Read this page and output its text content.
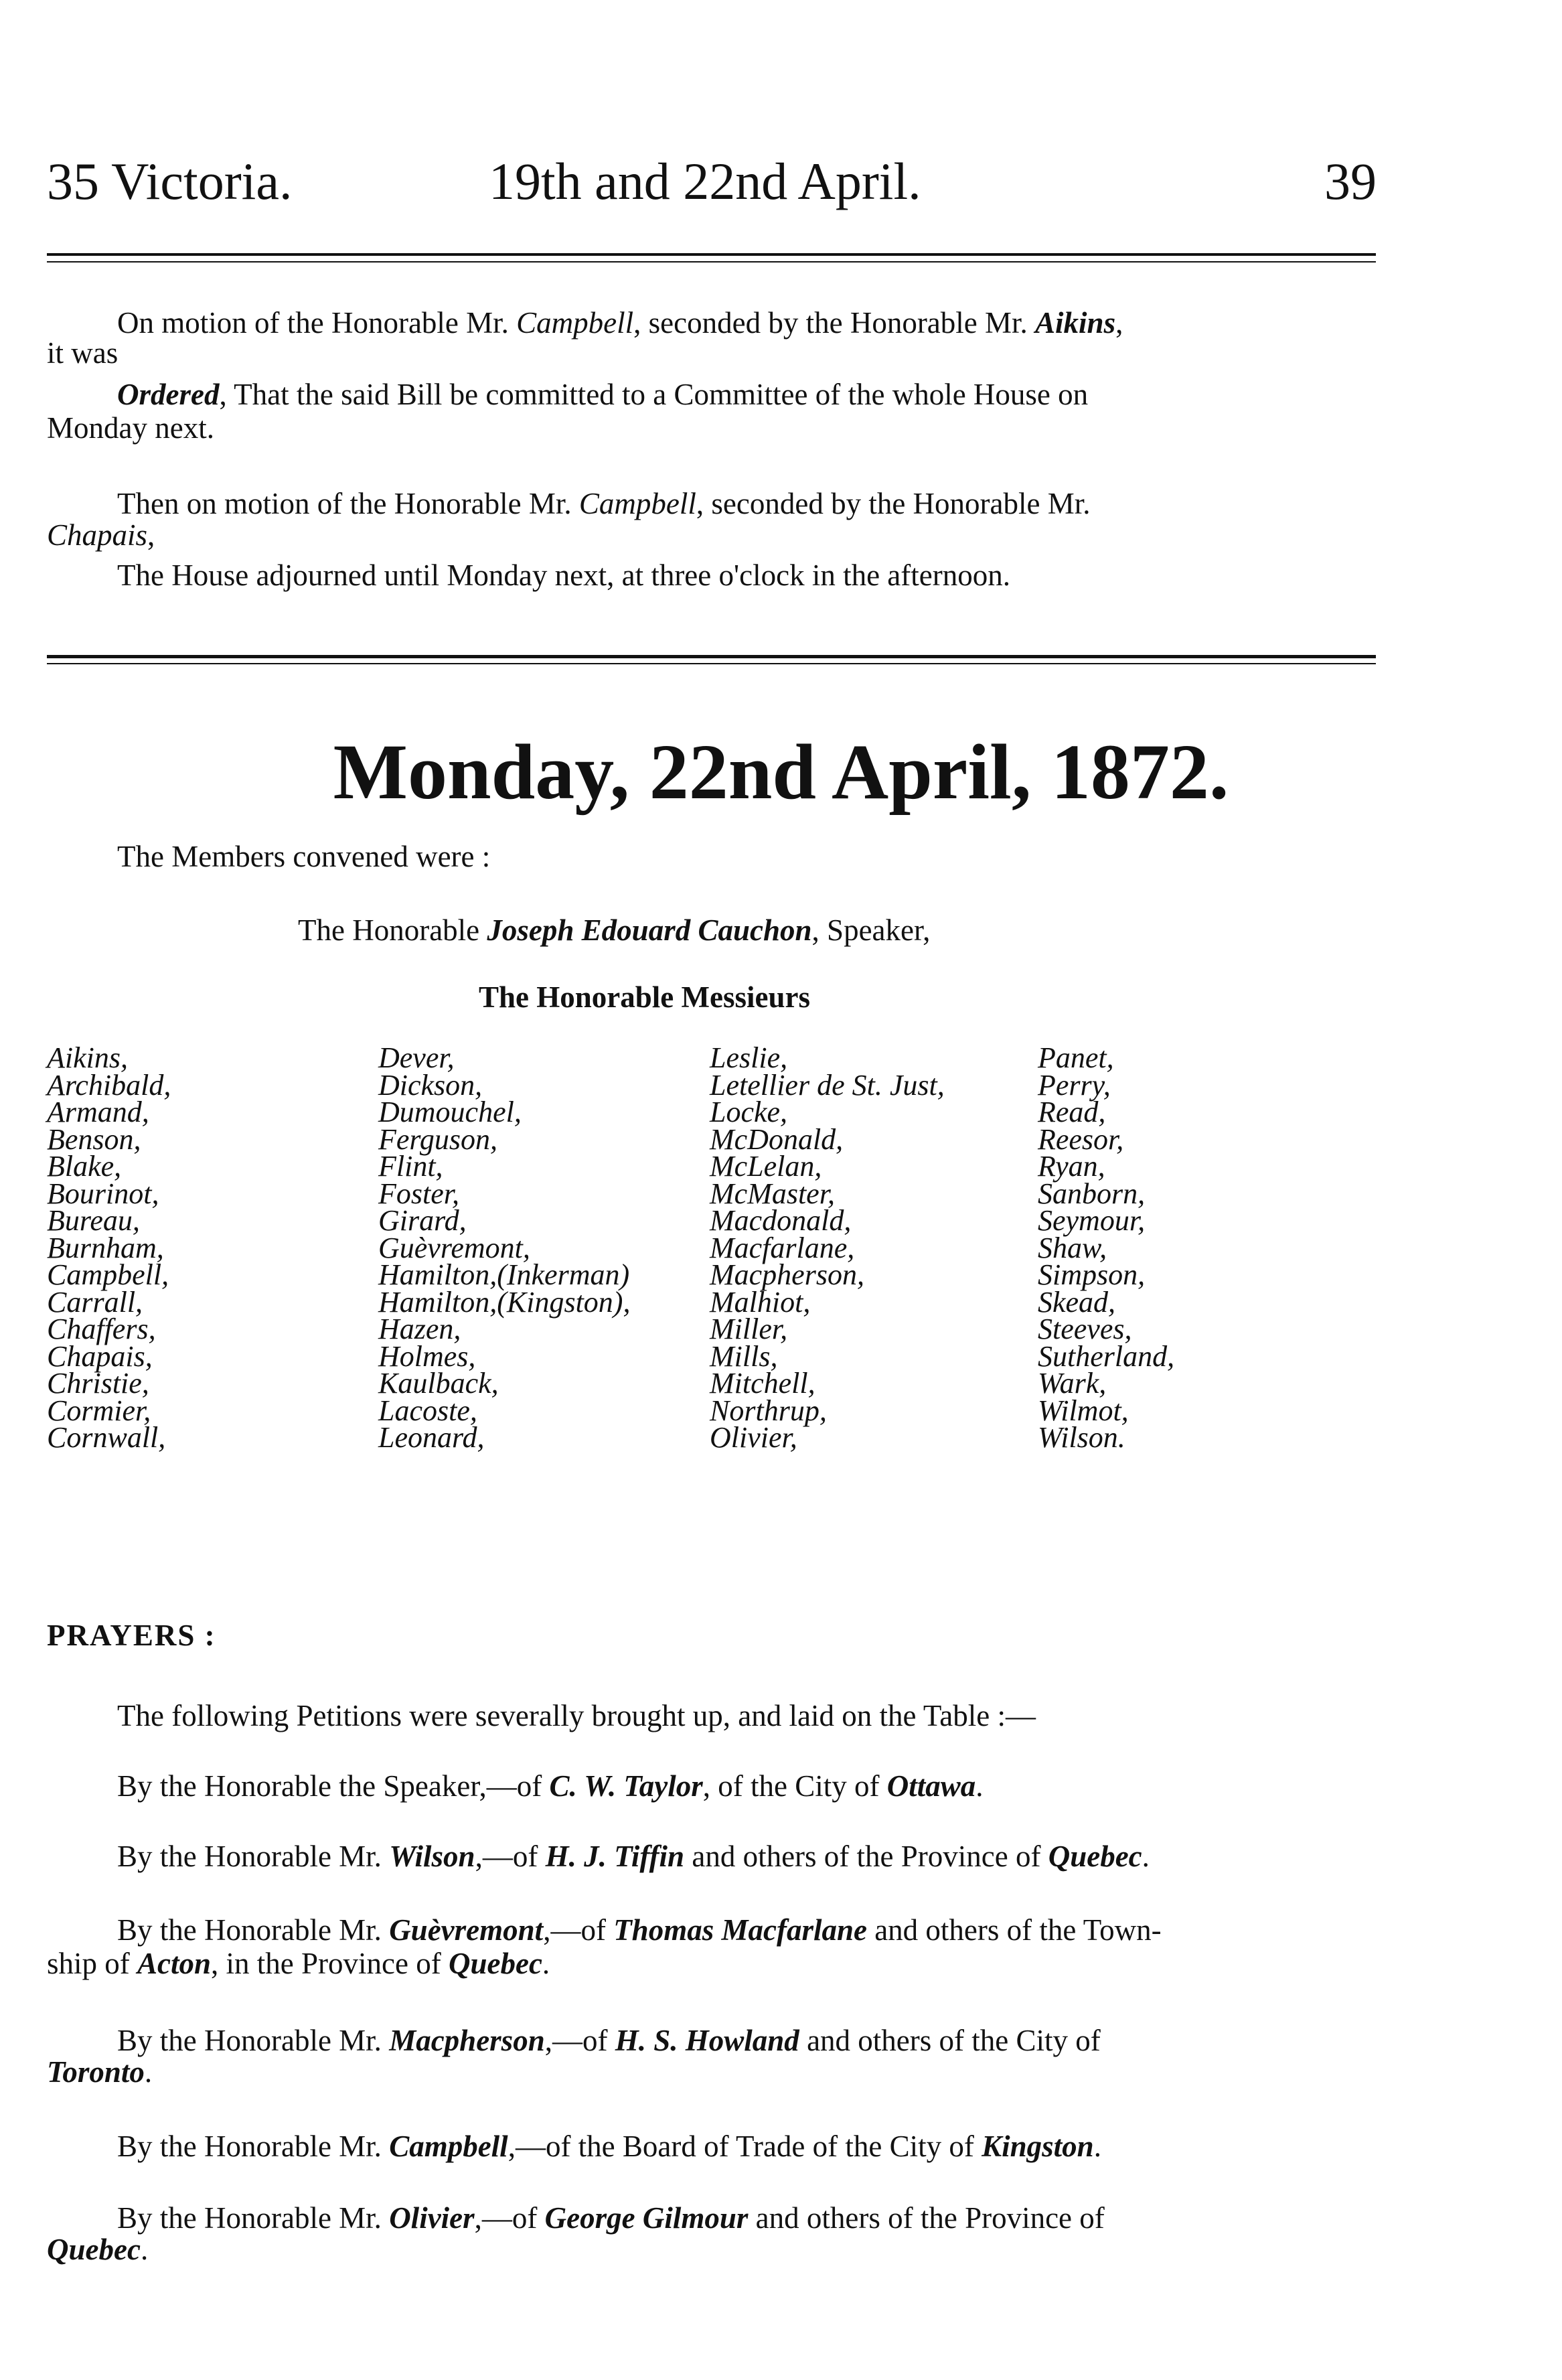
35 Victoria.	19th and 22nd April.	39
On motion of the Honorable Mr. Campbell, seconded by the Honorable Mr. Aikins,
it was
Ordered, That the said Bill be committed to a Committee of the whole House on
Monday next.
Then on motion of the Honorable Mr. Campbell, seconded by the Honorable Mr.
Chapais,
The House adjourned until Monday next, at three o'clock in the afternoon.
Monday, 22nd April, 1872.
The Members convened were :
The Honorable Joseph Edouard Cauchon, Speaker,
The Honorable Messieurs
Aikins,
Archibald,
Armand,
Benson,
Blake,
Bourinot,
Bureau,
Burnham,
Campbell,
Carrall,
Chaffers,
Chapais,
Christie,
Cormier,
Cornwall,
Dever,
Dickson,
Dumouchel,
Ferguson,
Flint,
Foster,
Girard,
Guèvremont,
Hamilton,(Inkerman)
Hamilton,(Kingston),
Hazen,
Holmes,
Kaulback,
Lacoste,
Leonard,
Leslie,
Letellier de St. Just,
Locke,
McDonald,
McLelan,
McMaster,
Macdonald,
Macfarlane,
Macpherson,
Malhiot,
Miller,
Mills,
Mitchell,
Northrup,
Olivier,
Panet,
Perry,
Read,
Reesor,
Ryan,
Sanborn,
Seymour,
Shaw,
Simpson,
Skead,
Steeves,
Sutherland,
Wark,
Wilmot,
Wilson.
PRAYERS :
The following Petitions were severally brought up, and laid on the Table :—
By the Honorable the Speaker,—of C. W. Taylor, of the City of Ottawa.
By the Honorable Mr. Wilson,—of H. J. Tiffin and others of the Province of Quebec.
By the Honorable Mr. Guèvremont,—of Thomas Macfarlane and others of the Town-
ship of Acton, in the Province of Quebec.
By the Honorable Mr. Macpherson,—of H. S. Howland and others of the City of
Toronto.
By the Honorable Mr. Campbell,—of the Board of Trade of the City of Kingston.
By the Honorable Mr. Olivier,—of George Gilmour and others of the Province of
Quebec.
